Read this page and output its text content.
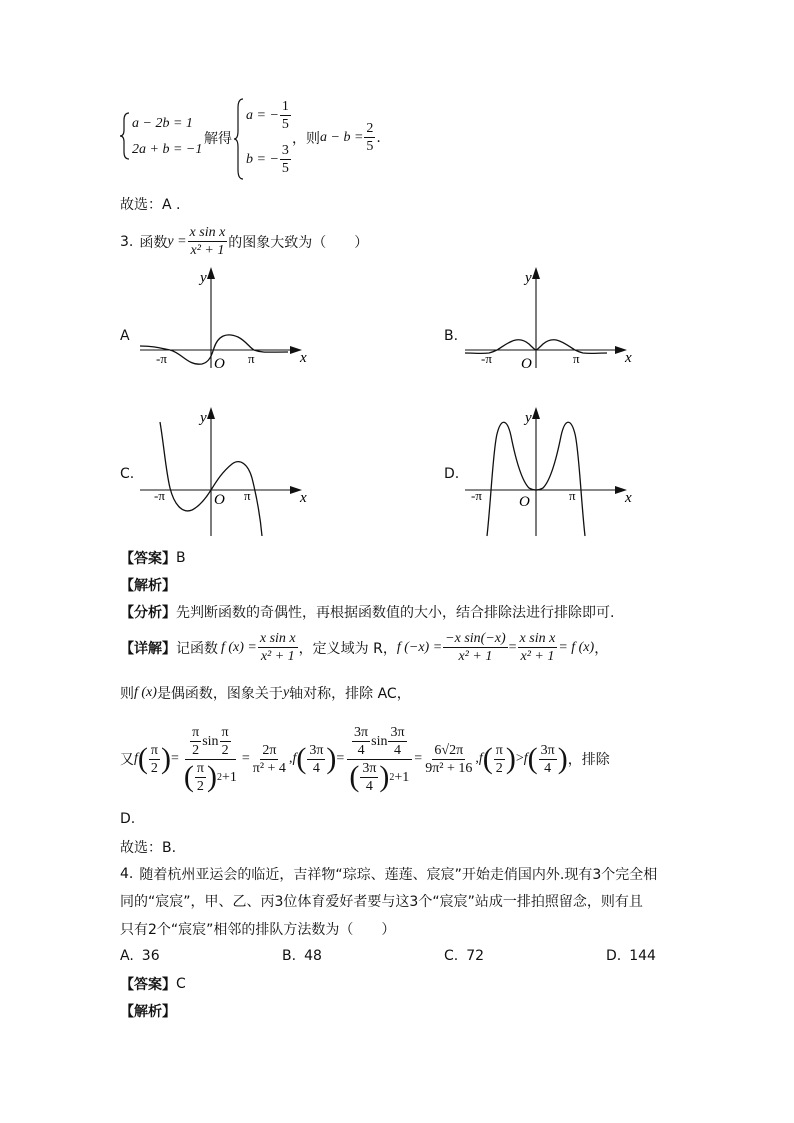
a − 2b = 1
2a + b = −1
解得
a = − $\frac{1}{5}$
b = − $\frac{3}{5}$
，则 $a - b = \frac{2}{5}$ .
故选：A .
3. 函数 $y = \frac{\text{x sin x}}{\text{x² + 1}}$ 的图象大致为（　　）
A	B.
C.	D.
x
y
O
-π	π	x
y
O
-π	π
x
y
O
-π	π	x
y
O
-π	π
【答案】 B
【解析】
【分析】 先判断函数的奇偶性，再根据函数值的大小，结合排除法进行排除即可.
【详解】 记函数 f $(x) = \frac{\text{x sin x}}{\text{x² + 1}}$ ，定义域为 R， f $(-x) = \frac{\text{−x sin(−x)}}{\text{x² + 1}} = \frac{\text{x sin x}}{\text{x² + 1}} = f$ (x) ，
则 f (x) 是偶函数，图象关于 y 轴对称，排除 AC，
又 f ( $\frac{\pi}{2}$ ) = $\frac{\frac{\pi}{2} \sin \frac{\pi}{2}}{( \frac{\pi}{2} ) 2 +1} = \frac{2\pi}{\text{π² + 4}}$ , f ( $\frac{3\pi}{4}$ ) = $\frac{\frac{3\pi}{4} \sin \frac{3\pi}{4}}{( \frac{3\pi}{4} ) 2 +1} = \frac{6√2\pi}{\text{9π² + 16}}$ , f ( $\frac{\pi}{2}$ ) > f ( $\frac{3\pi}{4}$ ) ，排除
D.
故选：B.
4. 随着杭州亚运会的临近，吉祥物“琮琮、莲莲、宸宸”开始走俏国内外.现有3个完全相
同的“宸宸”，甲、乙、丙3位体育爱好者要与这3个“宸宸”站成一排拍照留念，则有且
只有2个“宸宸”相邻的排队方法数为（　　）
A. 36	B. 48	C. 72	D. 144
【答案】 C
【解析】
